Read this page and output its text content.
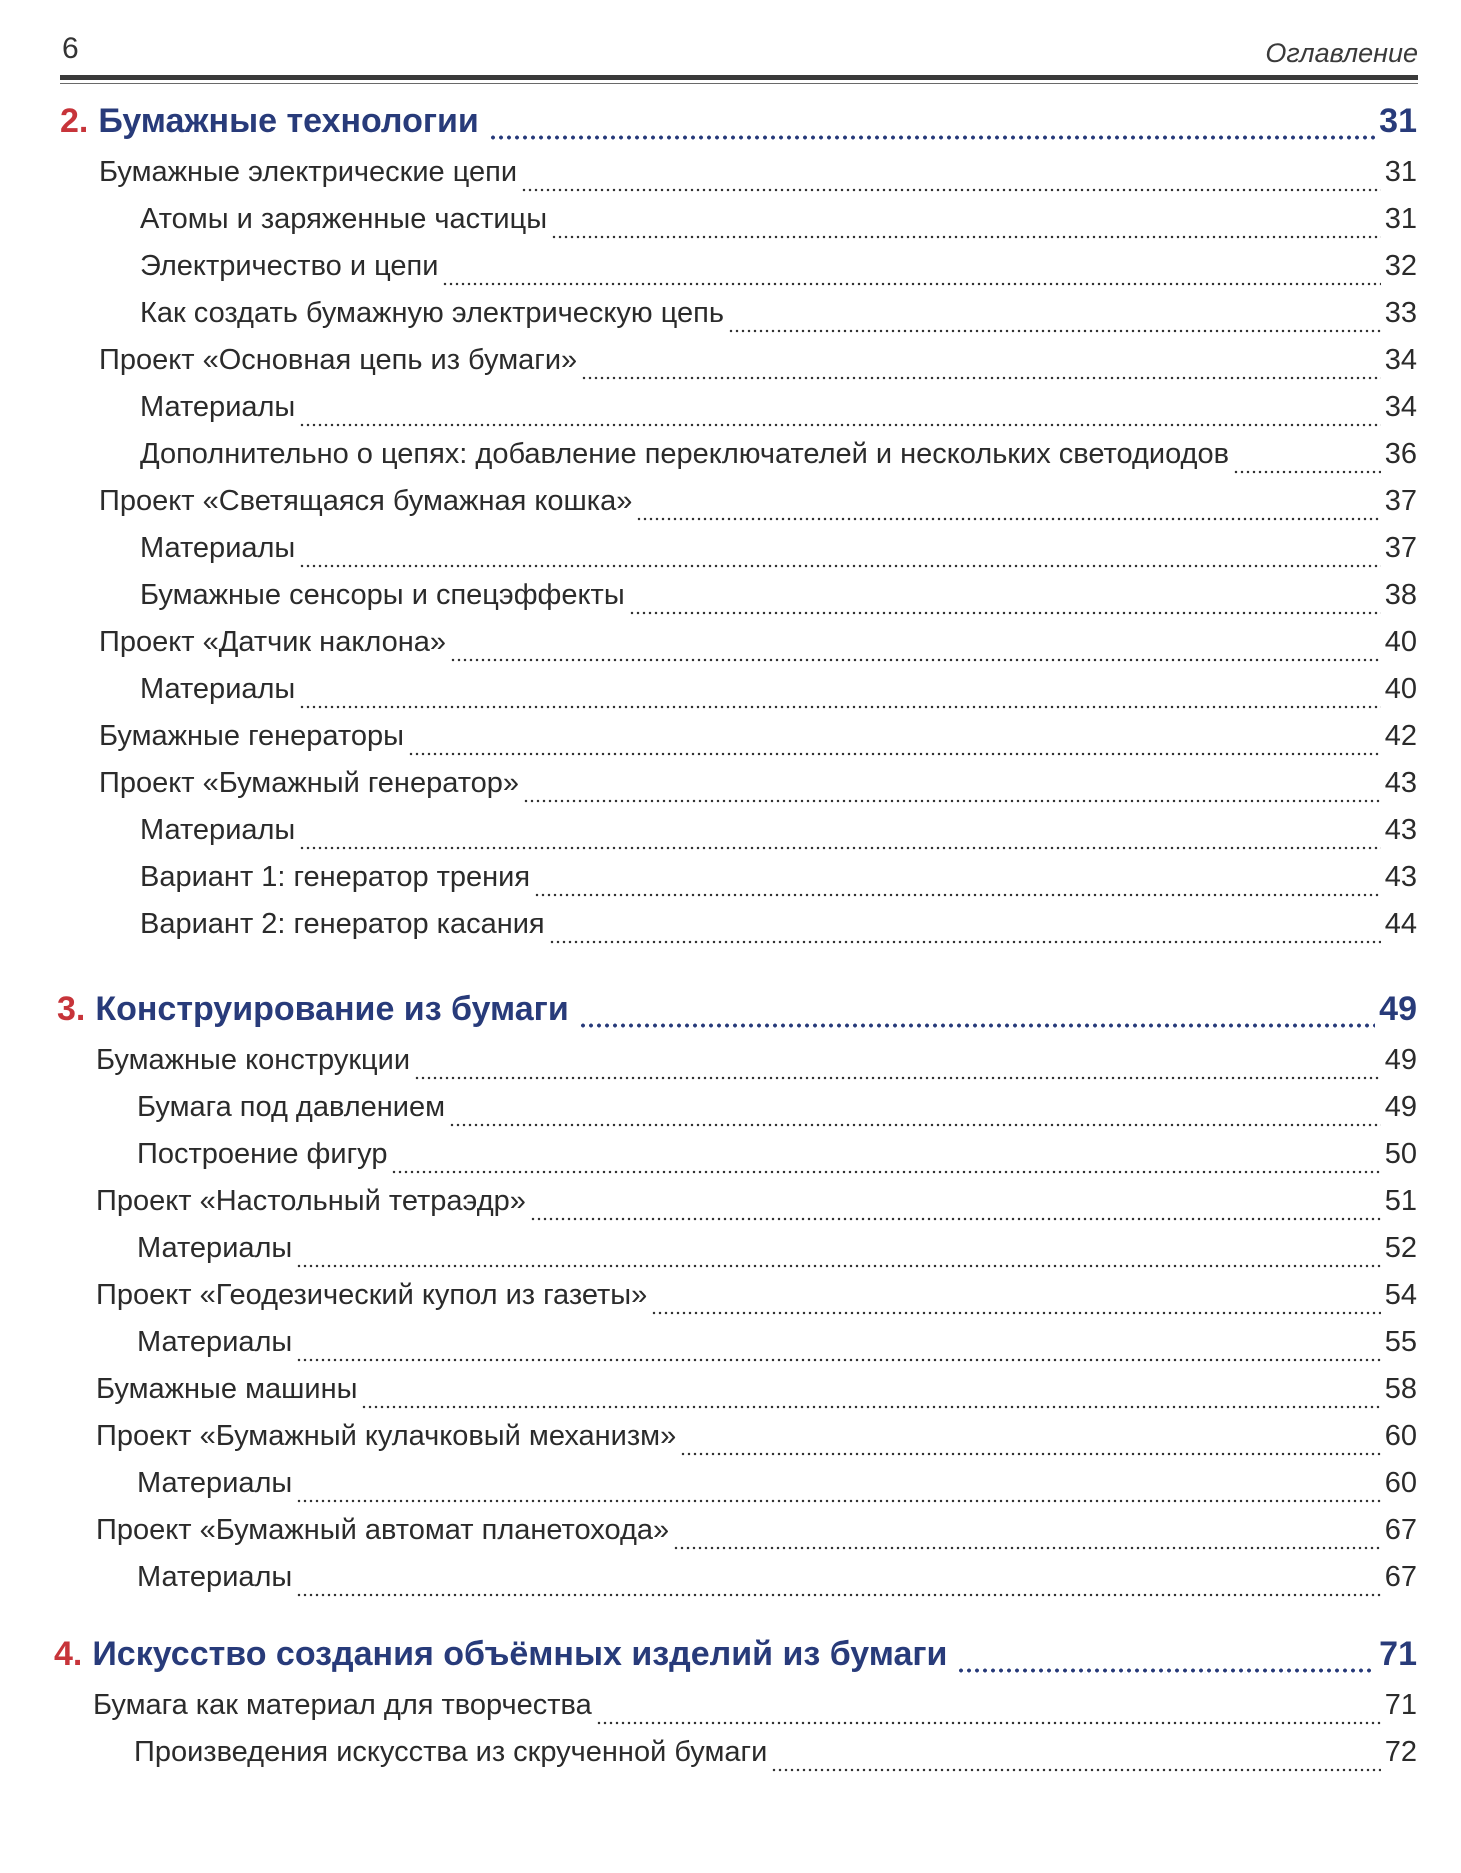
6	Оглавление
2. Бумажные технологии	31
Бумажные электрические цепи	31
Атомы и заряженные частицы	31
Электричество и цепи	32
Как создать бумажную электрическую цепь	33
Проект «Основная цепь из бумаги»	34
Материалы	34
Дополнительно о цепях: добавление переключателей и нескольких светодиодов	36
Проект «Светящаяся бумажная кошка»	37
Материалы	37
Бумажные сенсоры и спецэффекты	38
Проект «Датчик наклона»	40
Материалы	40
Бумажные генераторы	42
Проект «Бумажный генератор»	43
Материалы	43
Вариант 1: генератор трения	43
Вариант 2: генератор касания	44
3. Конструирование из бумаги	49
Бумажные конструкции	49
Бумага под давлением	49
Построение фигур	50
Проект «Настольный тетраэдр»	51
Материалы	52
Проект «Геодезический купол из газеты»	54
Материалы	55
Бумажные машины	58
Проект «Бумажный кулачковый механизм»	60
Материалы	60
Проект «Бумажный автомат планетохода»	67
Материалы	67
4. Искусство создания объёмных изделий из бумаги	71
Бумага как материал для творчества	71
Произведения искусства из скрученной бумаги	72
